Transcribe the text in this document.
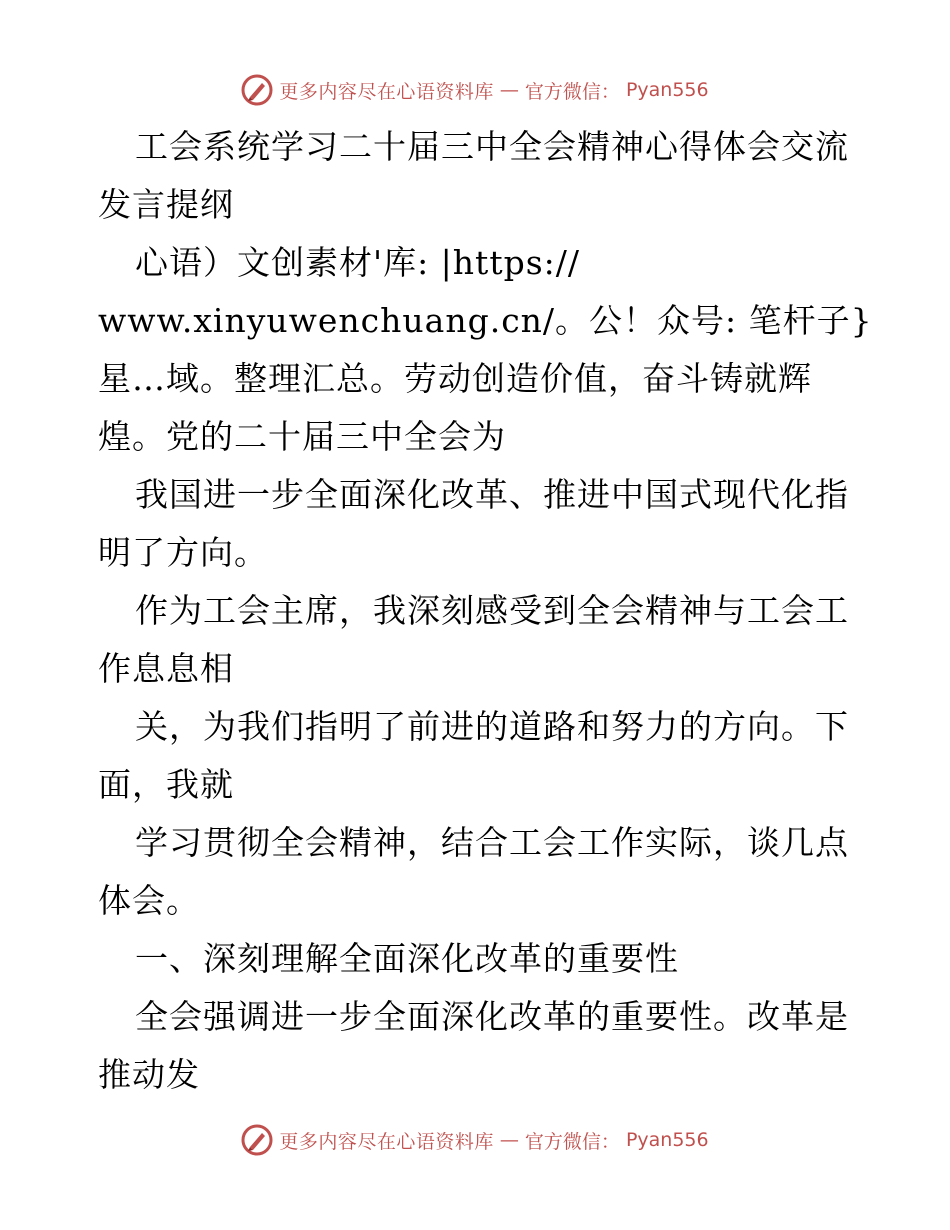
更多内容尽在心语资料库 — 官方微信： Pyan556
工会系统学习二十届三中全会精神心得体会交流
发言提纲
心语）文创素材'库: |https://
www.xinyuwenchuang.cn/。公！众号: 笔杆子}
星…域。整理汇总。劳动创造价值，奋斗铸就辉
煌。党的二十届三中全会为
我国进一步全面深化改革、推进中国式现代化指
明了方向。
作为工会主席，我深刻感受到全会精神与工会工
作息息相
关，为我们指明了前进的道路和努力的方向。下
面，我就
学习贯彻全会精神，结合工会工作实际，谈几点
体会。
一、深刻理解全面深化改革的重要性
全会强调进一步全面深化改革的重要性。改革是
推动发
更多内容尽在心语资料库 — 官方微信： Pyan556
